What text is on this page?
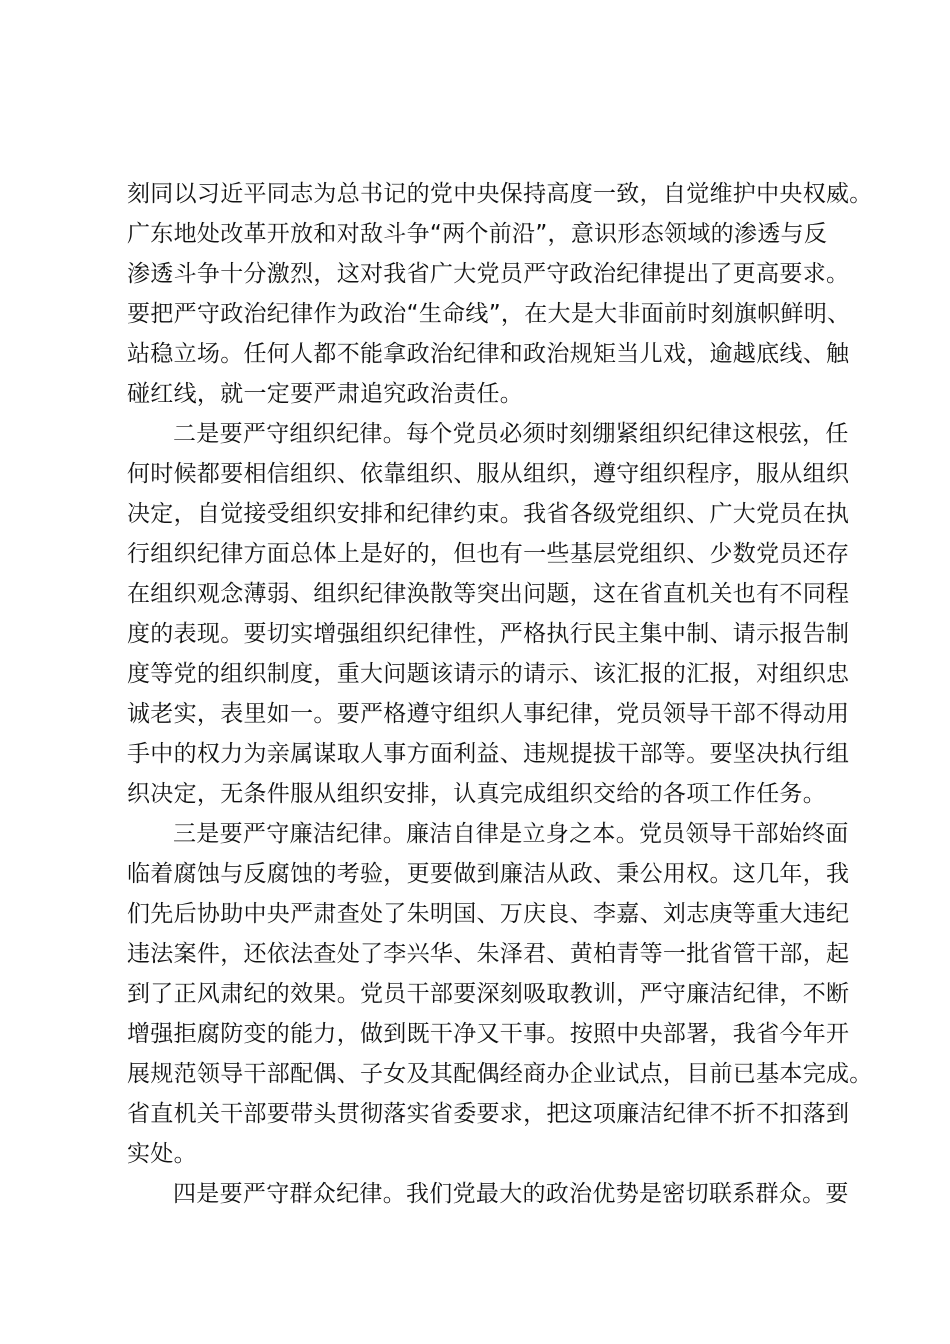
刻同以习近平同志为总书记的党中央保持高度一致，自觉维护中央权威。
广东地处改革开放和对敌斗争“两个前沿”，意识形态领域的渗透与反
渗透斗争十分激烈，这对我省广大党员严守政治纪律提出了更高要求。
要把严守政治纪律作为政治“生命线”，在大是大非面前时刻旗帜鲜明、
站稳立场。任何人都不能拿政治纪律和政治规矩当儿戏，逾越底线、触
碰红线，就一定要严肃追究政治责任。
二是要严守组织纪律。每个党员必须时刻绷紧组织纪律这根弦，任
何时候都要相信组织、依靠组织、服从组织，遵守组织程序，服从组织
决定，自觉接受组织安排和纪律约束。我省各级党组织、广大党员在执
行组织纪律方面总体上是好的，但也有一些基层党组织、少数党员还存
在组织观念薄弱、组织纪律涣散等突出问题，这在省直机关也有不同程
度的表现。要切实增强组织纪律性，严格执行民主集中制、请示报告制
度等党的组织制度，重大问题该请示的请示、该汇报的汇报，对组织忠
诚老实，表里如一。要严格遵守组织人事纪律，党员领导干部不得动用
手中的权力为亲属谋取人事方面利益、违规提拔干部等。要坚决执行组
织决定，无条件服从组织安排，认真完成组织交给的各项工作任务。
三是要严守廉洁纪律。廉洁自律是立身之本。党员领导干部始终面
临着腐蚀与反腐蚀的考验，更要做到廉洁从政、秉公用权。这几年，我
们先后协助中央严肃查处了朱明国、万庆良、李嘉、刘志庚等重大违纪
违法案件，还依法查处了李兴华、朱泽君、黄柏青等一批省管干部，起
到了正风肃纪的效果。党员干部要深刻吸取教训，严守廉洁纪律，不断
增强拒腐防变的能力，做到既干净又干事。按照中央部署，我省今年开
展规范领导干部配偶、子女及其配偶经商办企业试点，目前已基本完成。
省直机关干部要带头贯彻落实省委要求，把这项廉洁纪律不折不扣落到
实处。
四是要严守群众纪律。我们党最大的政治优势是密切联系群众。要
